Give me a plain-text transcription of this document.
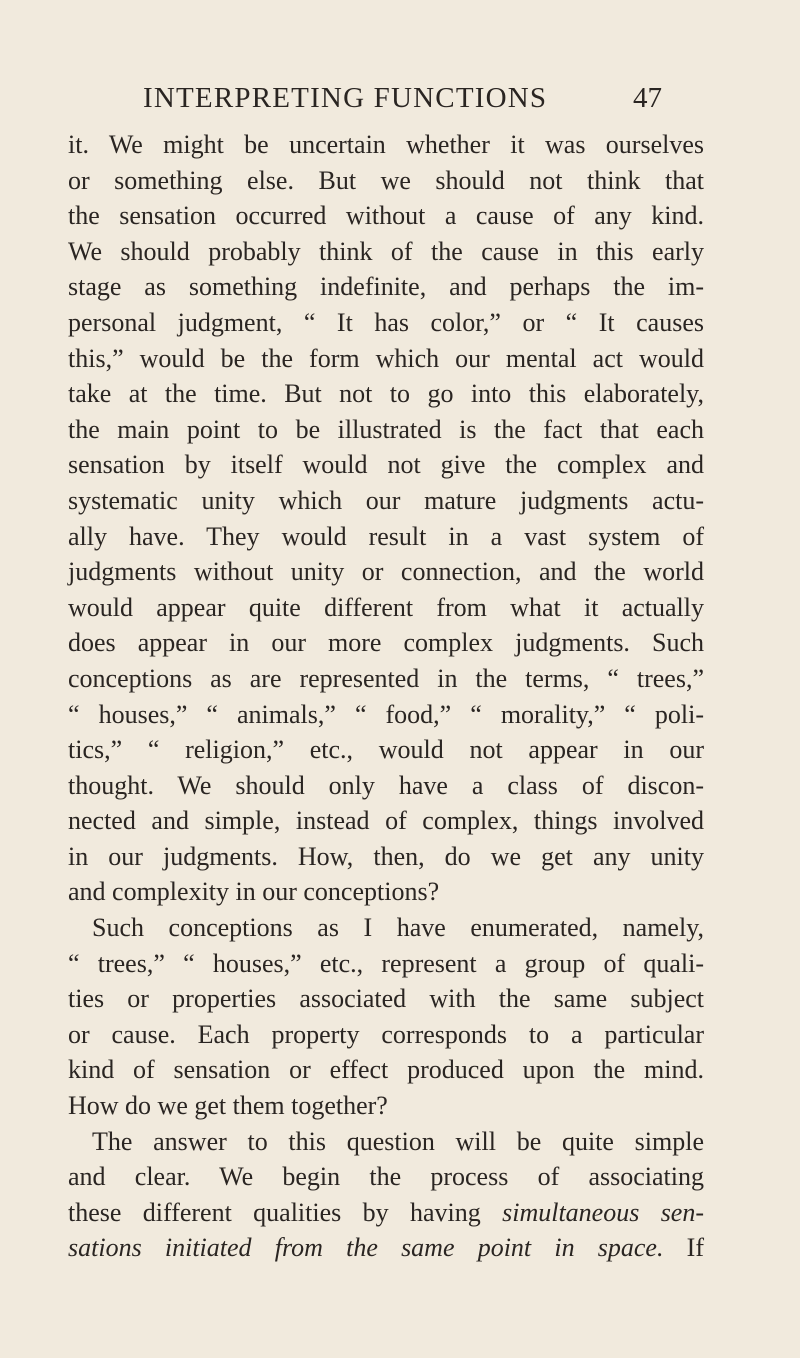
INTERPRETING FUNCTIONS	47
it. We might be uncertain whether it was ourselves
or something else. But we should not think that
the sensation occurred without a cause of any kind.
We should probably think of the cause in this early
stage as something indefinite, and perhaps the im-
personal judgment, “ It has color,” or “ It causes
this,” would be the form which our mental act would
take at the time. But not to go into this elaborately,
the main point to be illustrated is the fact that each
sensation by itself would not give the complex and
systematic unity which our mature judgments actu-
ally have. They would result in a vast system of
judgments without unity or connection, and the world
would appear quite different from what it actually
does appear in our more complex judgments. Such
conceptions as are represented in the terms, “ trees,”
“ houses,” “ animals,” “ food,” “ morality,” “ poli-
tics,” “ religion,” etc., would not appear in our
thought. We should only have a class of discon-
nected and simple, instead of complex, things involved
in our judgments. How, then, do we get any unity
and complexity in our conceptions?
Such conceptions as I have enumerated, namely,
“ trees,” “ houses,” etc., represent a group of quali-
ties or properties associated with the same subject
or cause. Each property corresponds to a particular
kind of sensation or effect produced upon the mind.
How do we get them together?
The answer to this question will be quite simple
and clear. We begin the process of associating
these different qualities by having simultaneous sen-
sations initiated from the same point in space. If
